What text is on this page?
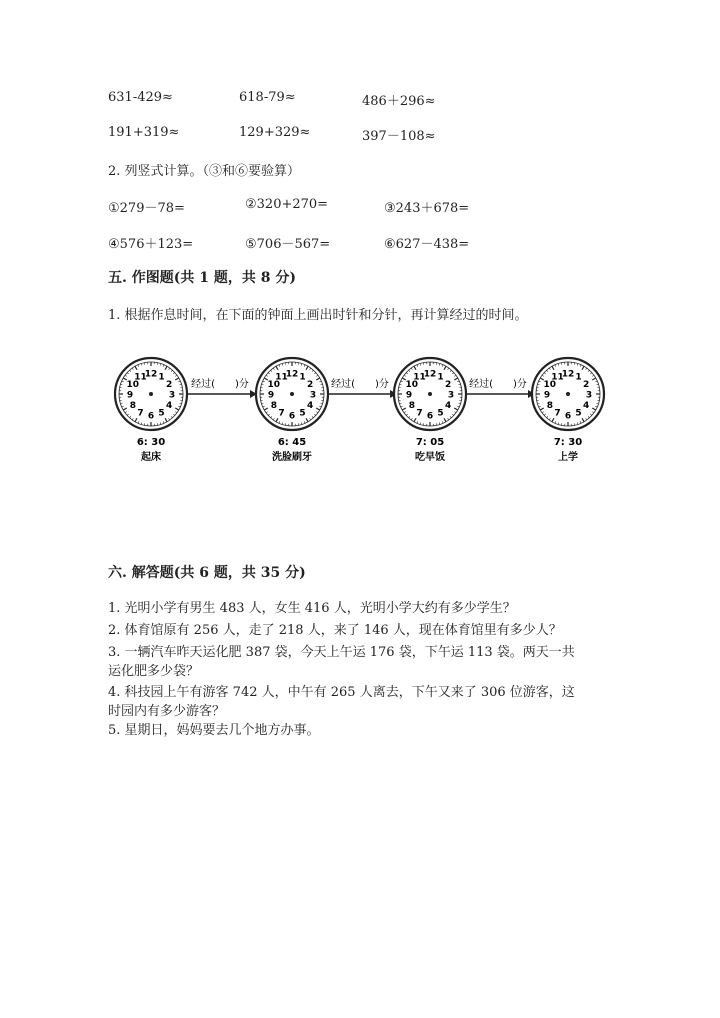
631-429≈	618-79≈	486＋296≈
191+319≈	129+329≈	397－108≈
2. 列竖式计算。（③和⑥要验算）
①279－78=	②320+270=	③243＋678=
④576＋123=	⑤706－567=	⑥627－438=
五. 作图题(共 1 题，共 8 分)
1. 根据作息时间，在下面的钟面上画出时针和分针，再计算经过的时间。
经过(　　)分	经过(　　)分	经过(　　)分
12 1
2
3
4
5
6
7
8
9
10
11	12 1
2
3
4
5
6
7
8
9
10
11	12 1
2
3
4
5
6
7
8
9
10
11	12 1
2
3
4
5
6
7
8
9
10
11
6: 30
起床
6: 45
洗脸刷牙
7: 05
吃早饭
7: 30
上学
六. 解答题(共 6 题，共 35 分)
1. 光明小学有男生 483 人，女生 416 人，光明小学大约有多少学生？
2. 体育馆原有 256 人，走了 218 人，来了 146 人，现在体育馆里有多少人？
3. 一辆汽车昨天运化肥 387 袋，今天上午运 176 袋，下午运 113 袋。两天一共
运化肥多少袋？
4. 科技园上午有游客 742 人，中午有 265 人离去，下午又来了 306 位游客，这
时园内有多少游客？
5. 星期日，妈妈要去几个地方办事。
